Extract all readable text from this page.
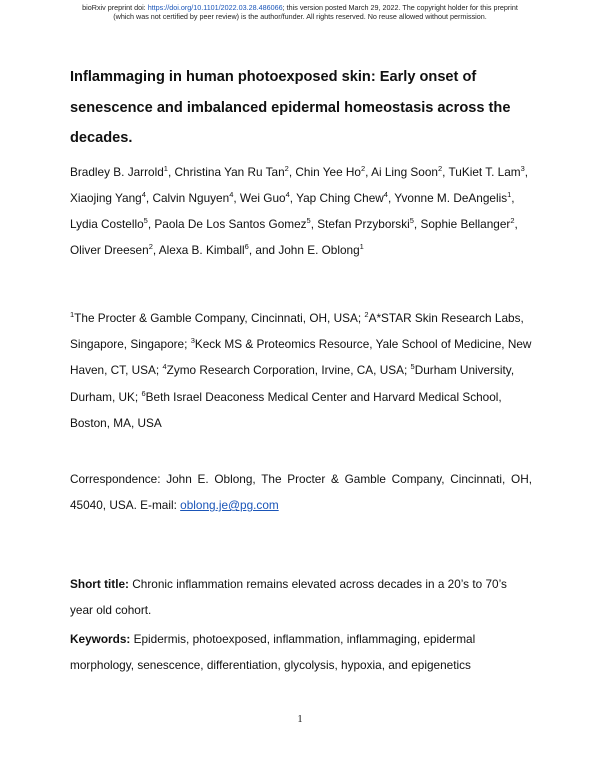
bioRxiv preprint doi: https://doi.org/10.1101/2022.03.28.486066; this version posted March 29, 2022. The copyright holder for this preprint
(which was not certified by peer review) is the author/funder. All rights reserved. No reuse allowed without permission.
Inflammaging in human photoexposed skin: Early onset of senescence and imbalanced epidermal homeostasis across the decades.
Bradley B. Jarrold$^1$, Christina Yan Ru Tan$^2$, Chin Yee Ho$^2$, Ai Ling Soon$^2$, TuKiet T. Lam$^3$, Xiaojing Yang$^4$, Calvin Nguyen$^4$, Wei Guo$^4$, Yap Ching Chew$^4$, Yvonne M. DeAngelis$^1$, Lydia Costello$^5$, Paola De Los Santos Gomez$^5$, Stefan Przyborski$^5$, Sophie Bellanger$^2$, Oliver Dreesen$^2$, Alexa B. Kimball$^6$, and John E. Oblong$^1$
$^1$The Procter & Gamble Company, Cincinnati, OH, USA; $^2$A*STAR Skin Research Labs, Singapore, Singapore; $^3$Keck MS & Proteomics Resource, Yale School of Medicine, New Haven, CT, USA; $^4$Zymo Research Corporation, Irvine, CA, USA; $^5$Durham University, Durham, UK; $^6$Beth Israel Deaconess Medical Center and Harvard Medical School, Boston, MA, USA
Correspondence: John E. Oblong, The Procter & Gamble Company, Cincinnati, OH, 45040, USA. E-mail: oblong.je@pg.com
Short title: Chronic inflammation remains elevated across decades in a 20’s to 70’s year old cohort.
Keywords: Epidermis, photoexposed, inflammation, inflammaging, epidermal morphology, senescence, differentiation, glycolysis, hypoxia, and epigenetics
1
